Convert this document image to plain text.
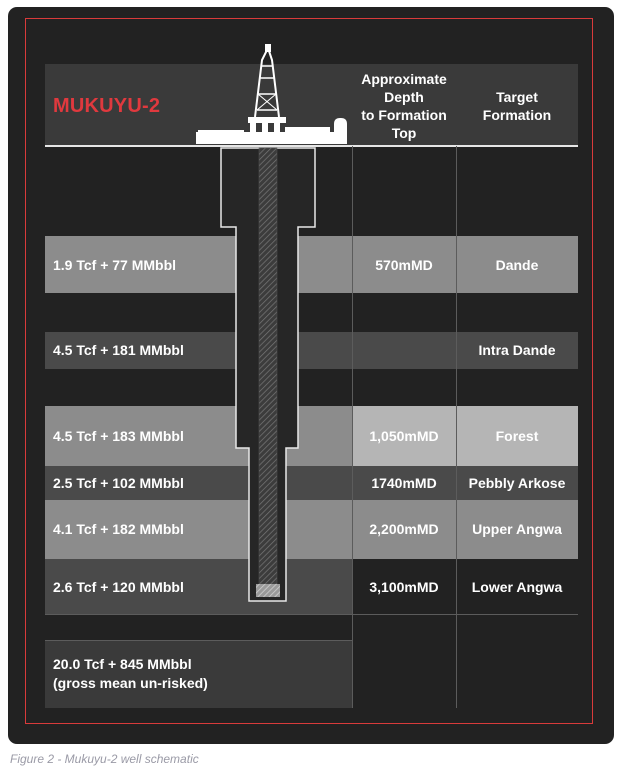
MUKUYU-2
Approximate
Depth
to Formation
Top
Target
Formation
1.9 Tcf + 77 MMbbl
4.5 Tcf + 181 MMbbl
4.5 Tcf + 183 MMbbl
2.5 Tcf + 102 MMbbl
4.1 Tcf + 182 MMbbl
2.6 Tcf + 120 MMbbl
570mMD
1,050mMD
1740mMD
2,200mMD
3,100mMD
Dande
Intra Dande
Forest
Pebbly Arkose
Upper Angwa
Lower Angwa
20.0 Tcf + 845 MMbbl
(gross mean un-risked)
Figure 2 - Mukuyu-2 well schematic
